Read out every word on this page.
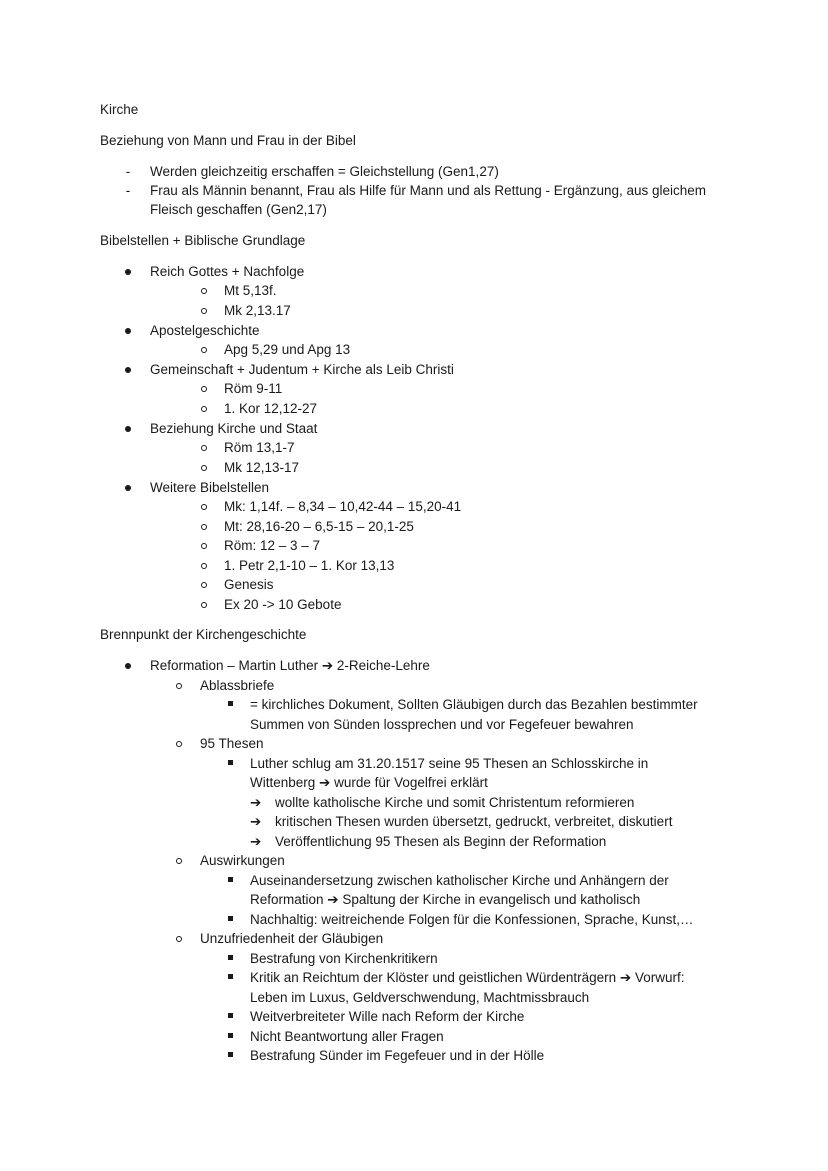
Kirche
Beziehung von Mann und Frau in der Bibel
- Werden gleichzeitig erschaffen = Gleichstellung (Gen1,27)
- Frau als Männin benannt, Frau als Hilfe für Mann und als Rettung - Ergänzung, aus gleichem
Fleisch geschaffen (Gen2,17)
Bibelstellen + Biblische Grundlage
Reich Gottes + Nachfolge
Mt 5,13f.
Mk 2,13.17
Apostelgeschichte
Apg 5,29 und Apg 13
Gemeinschaft + Judentum + Kirche als Leib Christi
Röm 9-11
1. Kor 12,12-27
Beziehung Kirche und Staat
Röm 13,1-7
Mk 12,13-17
Weitere Bibelstellen
Mk: 1,14f. – 8,34 – 10,42-44 – 15,20-41
Mt: 28,16-20 – 6,5-15 – 20,1-25
Röm: 12 – 3 – 7
1. Petr 2,1-10 – 1. Kor 13,13
Genesis
Ex 20 -> 10 Gebote
Brennpunkt der Kirchengeschichte
Reformation – Martin Luther ➔ 2-Reiche-Lehre
Ablassbriefe
= kirchliches Dokument, Sollten Gläubigen durch das Bezahlen bestimmter
Summen von Sünden lossprechen und vor Fegefeuer bewahren
95 Thesen
Luther schlug am 31.20.1517 seine 95 Thesen an Schlosskirche in
Wittenberg ➔ wurde für Vogelfrei erklärt
➔ wollte katholische Kirche und somit Christentum reformieren
➔ kritischen Thesen wurden übersetzt, gedruckt, verbreitet, diskutiert
➔ Veröffentlichung 95 Thesen als Beginn der Reformation
Auswirkungen
Auseinandersetzung zwischen katholischer Kirche und Anhängern der
Reformation ➔ Spaltung der Kirche in evangelisch und katholisch
Nachhaltig: weitreichende Folgen für die Konfessionen, Sprache, Kunst,…
Unzufriedenheit der Gläubigen
Bestrafung von Kirchenkritikern
Kritik an Reichtum der Klöster und geistlichen Würdenträgern ➔ Vorwurf:
Leben im Luxus, Geldverschwendung, Machtmissbrauch
Weitverbreiteter Wille nach Reform der Kirche
Nicht Beantwortung aller Fragen
Bestrafung Sünder im Fegefeuer und in der Hölle
